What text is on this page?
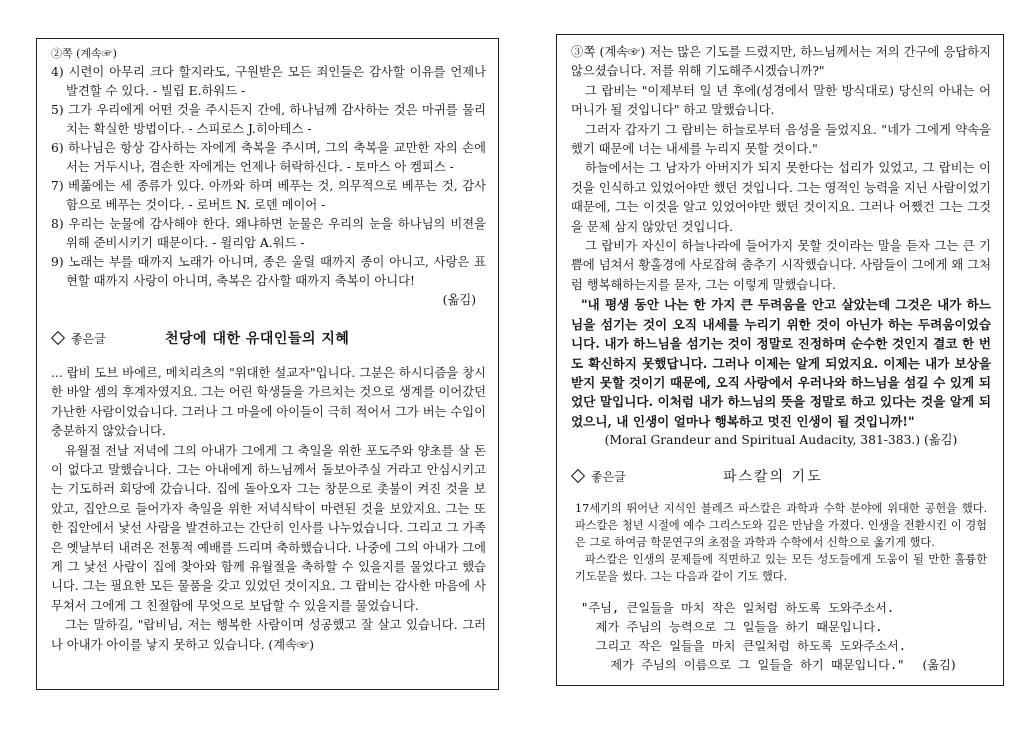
②쪽 (계속☞)

4) 시련이 아무리 크다 할지라도, 구원받은 모든 죄인들은 감사할 이유를 언제나 발견할 수 있다. - 빌립 E.하워드 -

5) 그가 우리에게 어떤 것을 주시든지 간에, 하나님께 감사하는 것은 마귀를 물리치는 확실한 방법이다. - 스피로스 J.히아테스 -

6) 하나님은 항상 감사하는 자에게 축복을 주시며, 그의 축복을 교만한 자의 손에서는 거두시나, 겸손한 자에게는 언제나 허락하신다. - 토마스 아 켐피스 -

7) 베풂에는 세 종류가 있다. 아까와 하며 베푸는 것, 의무적으로 베푸는 것, 감사함으로 베푸는 것이다. - 로버트 N. 로덴 메이어 -

8) 우리는 눈물에 감사해야 한다. 왜냐하면 눈물은 우리의 눈을 하나님의 비젼을 위해 준비시키기 때문이다. - 윌리암 A.워드 -

9) 노래는 부를 때까지 노래가 아니며, 종은 울릴 때까지 종이 아니고, 사랑은 표현할 때까지 사랑이 아니며, 축복은 감사할 때까지 축복이 아니다!

(옮김)

좋은글	천당에 대한 유대인들의 지혜

... 랍비 도브 바에르, 메치리츠의 "위대한 설교자"입니다. 그분은 하시디즘을 창시한 바알 셈의 후계자였지요. 그는 어린 학생들을 가르치는 것으로 생계를 이어갔던 가난한 사람이었습니다. 그러나 그 마을에 아이들이 극히 적어서 그가 버는 수입이 충분하지 않았습니다.

유월절 전날 저녁에 그의 아내가 그에게 그 축일을 위한 포도주와 양초를 살 돈이 없다고 말했습니다. 그는 아내에게 하느님께서 돌보아주실 거라고 안심시키고는 기도하러 회당에 갔습니다. 집에 돌아오자 그는 창문으로 촛불이 켜진 것을 보았고, 집안으로 들어가자 축일을 위한 저녁식탁이 마련된 것을 보았지요. 그는 또한 집안에서 낯선 사람을 발견하고는 간단히 인사를 나누었습니다. 그리고 그 가족은 옛날부터 내려온 전통적 예배를 드리며 축하했습니다. 나중에 그의 아내가 그에게 그 낯선 사람이 집에 찾아와 함께 유월절을 축하할 수 있을지를 물었다고 했습니다. 그는 필요한 모든 물품을 갖고 있었던 것이지요. 그 랍비는 감사한 마음에 사무쳐서 그에게 그 친절함에 무엇으로 보답할 수 있을지를 물었습니다.

그는 말하길, "랍비님, 저는 행복한 사람이며 성공했고 잘 살고 있습니다. 그러나 아내가 아이를 낳지 못하고 있습니다. (계속☞)

③쪽 (계속☞) 저는 많은 기도를 드렸지만, 하느님께서는 저의 간구에 응답하지 않으셨습니다. 저를 위해 기도해주시겠습니까?"

그 랍비는 "이제부터 일 년 후에(성경에서 말한 방식대로) 당신의 아내는 어머니가 될 것입니다" 하고 말했습니다.

그러자 갑자기 그 랍비는 하늘로부터 음성을 들었지요. "네가 그에게 약속을 했기 때문에 너는 내세를 누리지 못할 것이다."

하늘에서는 그 남자가 아버지가 되지 못한다는 섭리가 있었고, 그 랍비는 이것을 인식하고 있었어야만 했던 것입니다. 그는 영적인 능력을 지닌 사람이었기 때문에, 그는 이것을 알고 있었어야만 했던 것이지요. 그러나 어쨌건 그는 그것을 문제 삼지 않았던 것입니다.

그 랍비가 자신이 하늘나라에 들어가지 못할 것이라는 말을 듣자 그는 큰 기쁨에 넘쳐서 황홀경에 사로잡혀 춤추기 시작했습니다. 사람들이 그에게 왜 그처럼 행복해하는지를 묻자, 그는 이렇게 말했습니다.

"내 평생 동안 나는 한 가지 큰 두려움을 안고 살았는데 그것은 내가 하느님을 섬기는 것이 오직 내세를 누리기 위한 것이 아닌가 하는 두려움이었습니다. 내가 하느님을 섬기는 것이 정말로 진정하며 순수한 것인지 결코 한 번도 확신하지 못했답니다. 그러나 이제는 알게 되었지요. 이제는 내가 보상을 받지 못할 것이기 때문에, 오직 사랑에서 우러나와 하느님을 섬길 수 있게 되었단 말입니다. 이처럼 내가 하느님의 뜻을 정말로 하고 있다는 것을 알게 되었으니, 내 인생이 얼마나 행복하고 멋진 인생이 될 것입니까!"

(Moral Grandeur and Spiritual Audacity, 381-383.) (옮김)

좋은글	파스칼의 기도

17세기의 뛰어난 지식인 블레즈 파스칼은 과학과 수학 분야에 위대한 공헌을 했다. 파스칼은 청년 시절에 예수 그리스도와 깊은 만남을 가졌다. 인생을 전환시킨 이 경험은 그로 하여금 학문연구의 초점을 과학과 수학에서 신학으로 옮기게 했다.

파스칼은 인생의 문제들에 직면하고 있는 모든 성도들에게 도움이 될 만한 훌륭한 기도문을 썼다. 그는 다음과 같이 기도 했다.

"주님, 큰일들을 마치 작은 일처럼 하도록 도와주소서.
제가 주님의 능력으로 그 일들을 하기 때문입니다.
그리고 작은 일들을 마치 큰일처럼 하도록 도와주소서.
제가 주님의 이름으로 그 일들을 하기 때문입니다." (옮김)
